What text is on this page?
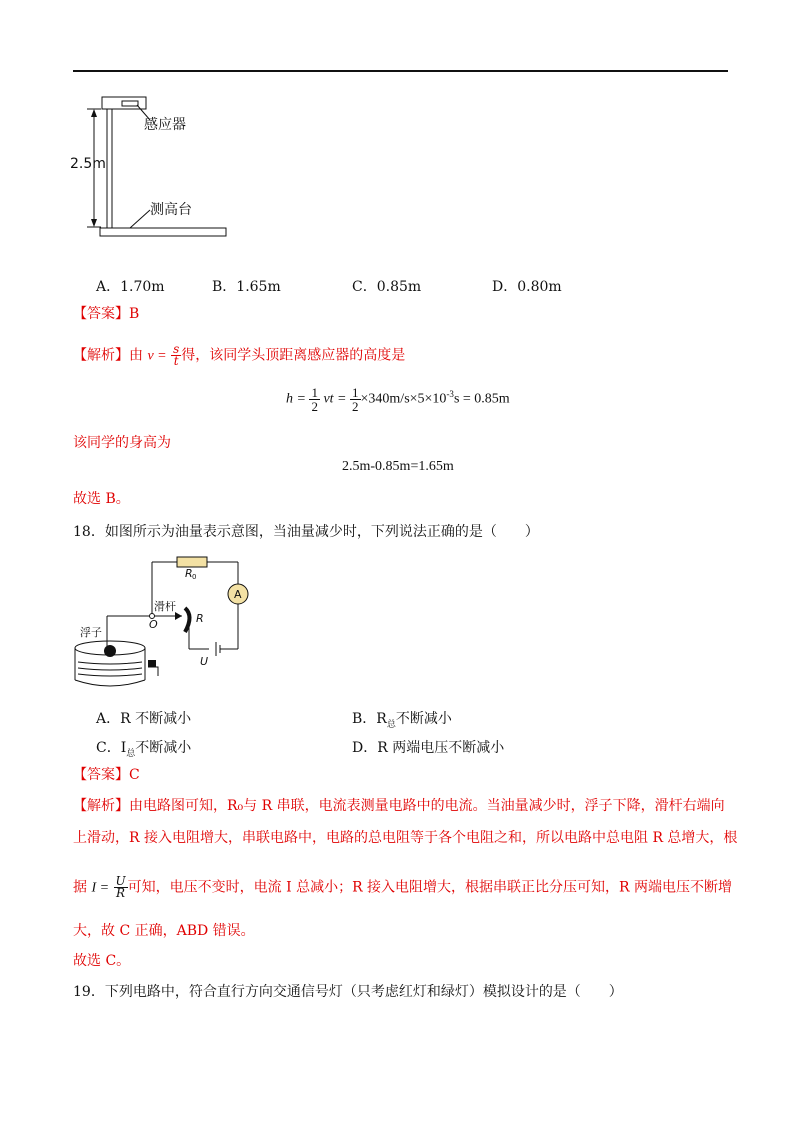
感应器
2.5m
测高台
A．1.70m	B．1.65m	C．0.85m	D．0.80m
【答案】B
【解析】由 $v = \frac{s}{t}$ 得，该同学头顶距离感应器的高度是
$h = \frac{1}{2}$ vt = $\frac{1}{2} \times 340m/s\times 5\times 10^{-3}s = 0.85m$
该同学的身高为
2.5m-0.85m=1.65m
故选 B。
18．如图所示为油量表示意图，当油量减少时，下列说法正确的是（　　）
R 0
A
滑杆
O	R
浮子
U
A．R 不断减小	B．$R_总$不断减小
C．$I_总$不断减小	D．R 两端电压不断减小
【答案】C
【解析】由电路图可知，R₀与 R 串联，电流表测量电路中的电流。当油量减少时，浮子下降，滑杆右端向
上滑动，R 接入电阻增大，串联电路中，电路的总电阻等于各个电阻之和，所以电路中总电阻 R 总增大，根
据 $I = \frac{U}{R}$ 可知，电压不变时，电流 I 总减小；R 接入电阻增大，根据串联正比分压可知，R 两端电压不断增
大，故 C 正确，ABD 错误。
故选 C。
19．下列电路中，符合直行方向交通信号灯（只考虑红灯和绿灯）模拟设计的是（　　）
